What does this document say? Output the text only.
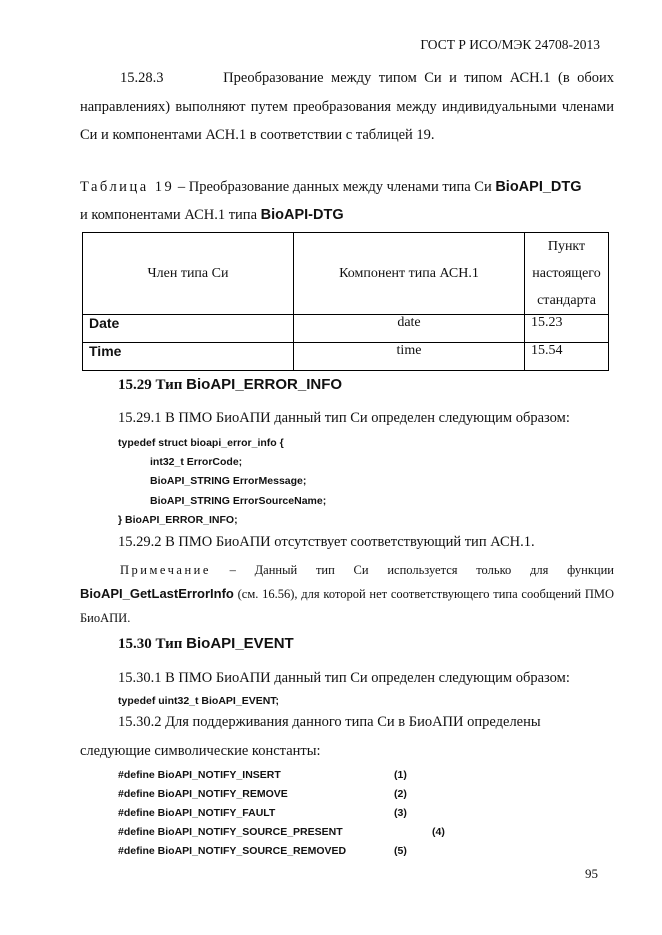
ГОСТ Р ИСО/МЭК 24708-2013
15.28.3	Преобразование между типом Си и типом АСН.1 (в обоих направлениях) выполняют путем преобразования между индивидуальными членами Си и компонентами АСН.1 в соответствии с таблицей 19.
Таблица 19 – Преобразование данных между членами типа Си BioAPI_DTG
и компонентами АСН.1 типа BioAPI-DTG
Член типа Си	Компонент типа АСН.1	Пункт
настоящего
стандарта
Date	date	15.23
Time	time	15.54
15.29 Тип BioAPI_ERROR_INFO
15.29.1 В ПМО БиоАПИ данный тип Си определен следующим образом:
typedef struct bioapi_error_info {
int32_t ErrorCode;
BioAPI_STRING ErrorMessage;
BioAPI_STRING ErrorSourceName;
} BioAPI_ERROR_INFO;
15.29.2 В ПМО БиоАПИ отсутствует соответствующий тип АСН.1.
Примечание – Данный тип Си используется только для функции BioAPI_GetLastErrorInfo (см. 16.56), для которой нет соответствующего типа сообщений ПМО БиоАПИ.
15.30 Тип BioAPI_EVENT
15.30.1 В ПМО БиоАПИ данный тип Си определен следующим образом:
typedef uint32_t BioAPI_EVENT;
15.30.2 Для поддерживания данного типа Си в БиоАПИ определены
следующие символические константы:
#define BioAPI_NOTIFY_INSERT	(1)
#define BioAPI_NOTIFY_REMOVE	(2)
#define BioAPI_NOTIFY_FAULT	(3)
#define BioAPI_NOTIFY_SOURCE_PRESENT	(4)
#define BioAPI_NOTIFY_SOURCE_REMOVED	(5)
95
